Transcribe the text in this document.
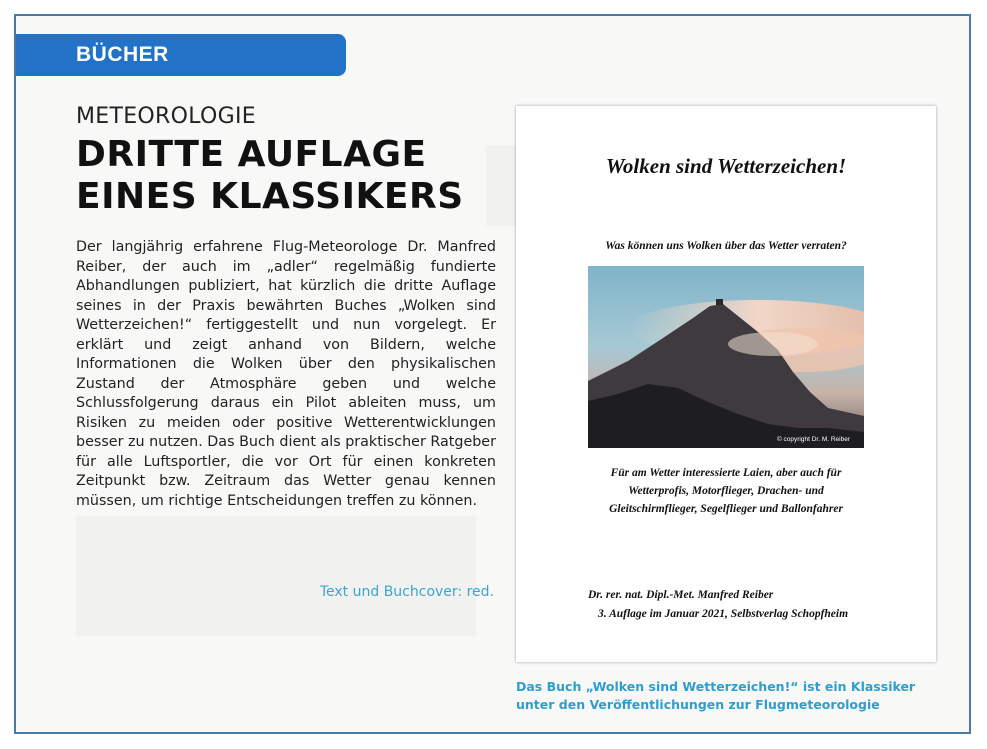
BÜCHER
METEOROLOGIE
DRITTE AUFLAGE
EINES KLASSIKERS
Der langjährig erfahrene Flug-Meteorologe Dr. Manfred Reiber, der auch im „adler“ regelmäßig fundierte Abhandlungen publiziert, hat kürzlich die dritte Auflage seines in der Praxis bewährten Buches „Wolken sind Wetterzeichen!“ fertiggestellt und nun vorgelegt. Er erklärt und zeigt anhand von Bildern, welche Informationen die Wolken über den physikalischen Zustand der Atmosphäre geben und welche Schlussfolgerung daraus ein Pilot ableiten muss, um Risiken zu meiden oder positive Wetterentwicklungen besser zu nutzen. Das Buch dient als praktischer Ratgeber für alle Luftsportler, die vor Ort für einen konkreten Zeitpunkt bzw. Zeitraum das Wetter genau kennen müssen, um richtige Entscheidungen treffen zu können.
Text und Buchcover: red.
Wolken sind Wetterzeichen!
Was können uns Wolken über das Wetter verraten?
© copyright Dr. M. Reiber
Für am Wetter interessierte Laien, aber auch für
Wetterprofis, Motorflieger, Drachen- und
Gleitschirmflieger, Segelflieger und Ballonfahrer
Dr. rer. nat. Dipl.-Met. Manfred Reiber
3. Auflage im Januar 2021, Selbstverlag Schopfheim
Das Buch „Wolken sind Wetterzeichen!“ ist ein Klassiker
unter den Veröffentlichungen zur Flugmeteorologie
